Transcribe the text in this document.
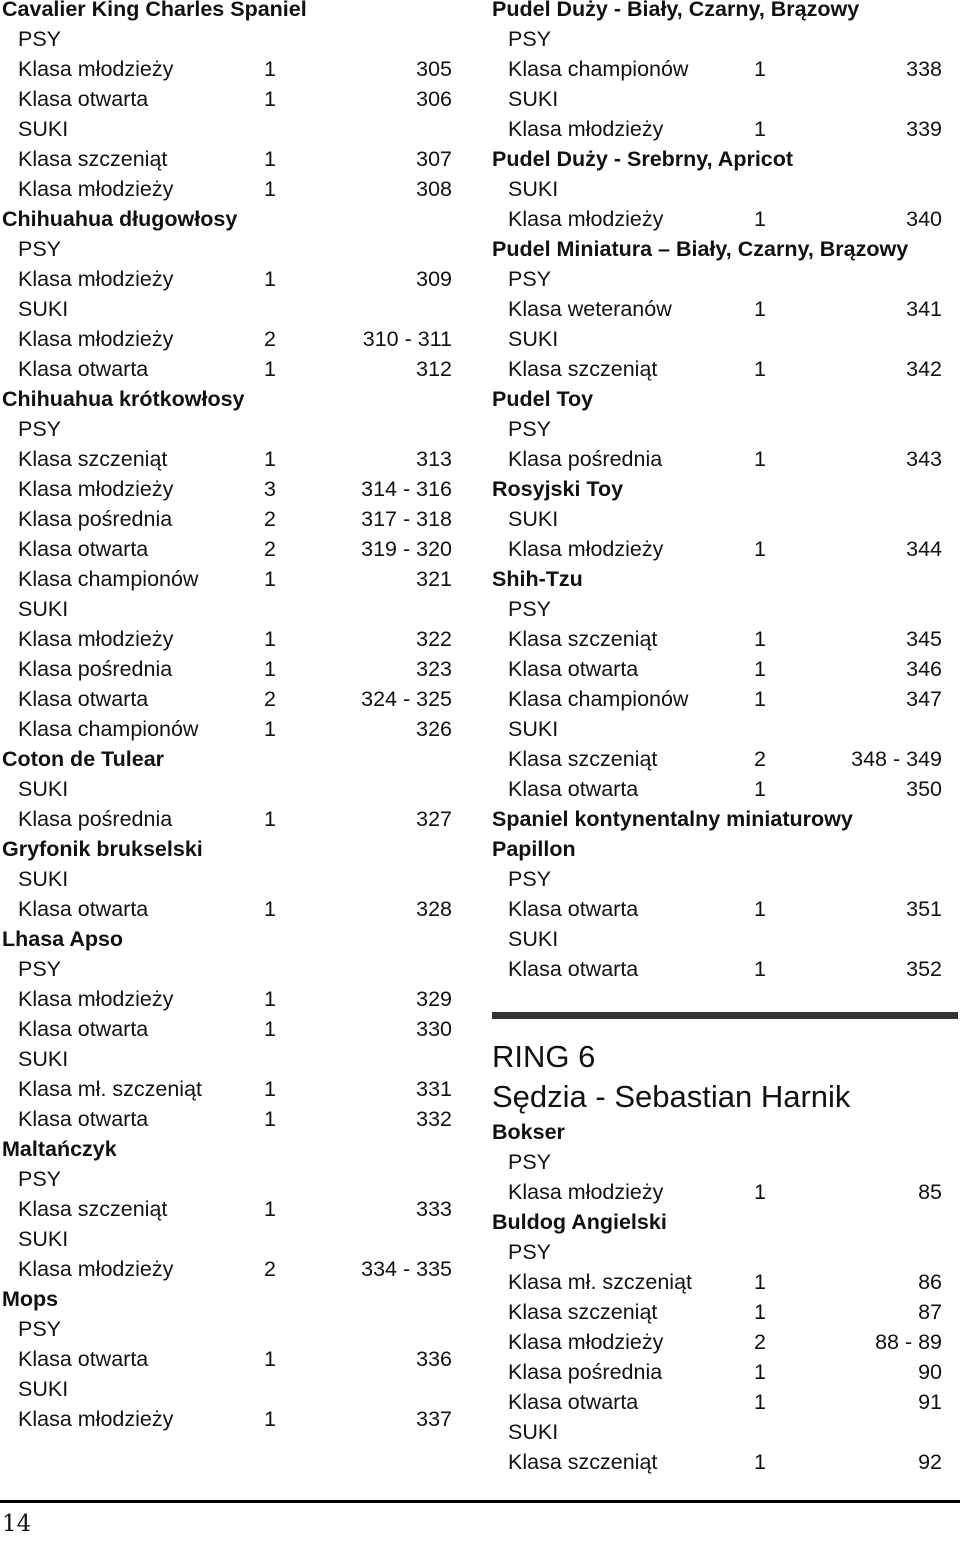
Cavalier King Charles Spaniel
PSY
Klasa młodzieży	1	305
Klasa otwarta	1	306
SUKI
Klasa szczeniąt	1	307
Klasa młodzieży	1	308
Chihuahua długowłosy
PSY
Klasa młodzieży	1	309
SUKI
Klasa młodzieży	2	310 - 311
Klasa otwarta	1	312
Chihuahua krótkowłosy
PSY
Klasa szczeniąt	1	313
Klasa młodzieży	3	314 - 316
Klasa pośrednia	2	317 - 318
Klasa otwarta	2	319 - 320
Klasa championów	1	321
SUKI
Klasa młodzieży	1	322
Klasa pośrednia	1	323
Klasa otwarta	2	324 - 325
Klasa championów	1	326
Coton de Tulear
SUKI
Klasa pośrednia	1	327
Gryfonik brukselski
SUKI
Klasa otwarta	1	328
Lhasa Apso
PSY
Klasa młodzieży	1	329
Klasa otwarta	1	330
SUKI
Klasa mł. szczeniąt	1	331
Klasa otwarta	1	332
Maltańczyk
PSY
Klasa szczeniąt	1	333
SUKI
Klasa młodzieży	2	334 - 335
Mops
PSY
Klasa otwarta	1	336
SUKI
Klasa młodzieży	1	337
Pudel Duży - Biały, Czarny, Brązowy
PSY
Klasa championów	1	338
SUKI
Klasa młodzieży	1	339
Pudel Duży - Srebrny, Apricot
SUKI
Klasa młodzieży	1	340
Pudel Miniatura – Biały, Czarny, Brązowy
PSY
Klasa weteranów	1	341
SUKI
Klasa szczeniąt	1	342
Pudel Toy
PSY
Klasa pośrednia	1	343
Rosyjski Toy
SUKI
Klasa młodzieży	1	344
Shih-Tzu
PSY
Klasa szczeniąt	1	345
Klasa otwarta	1	346
Klasa championów	1	347
SUKI
Klasa szczeniąt	2	348 - 349
Klasa otwarta	1	350
Spaniel kontynentalny miniaturowy
Papillon
PSY
Klasa otwarta	1	351
SUKI
Klasa otwarta	1	352
RING 6
Sędzia - Sebastian Harnik
Bokser
PSY
Klasa młodzieży	1	85
Buldog Angielski
PSY
Klasa mł. szczeniąt	1	86
Klasa szczeniąt	1	87
Klasa młodzieży	2	88 - 89
Klasa pośrednia	1	90
Klasa otwarta	1	91
SUKI
Klasa szczeniąt	1	92
14
